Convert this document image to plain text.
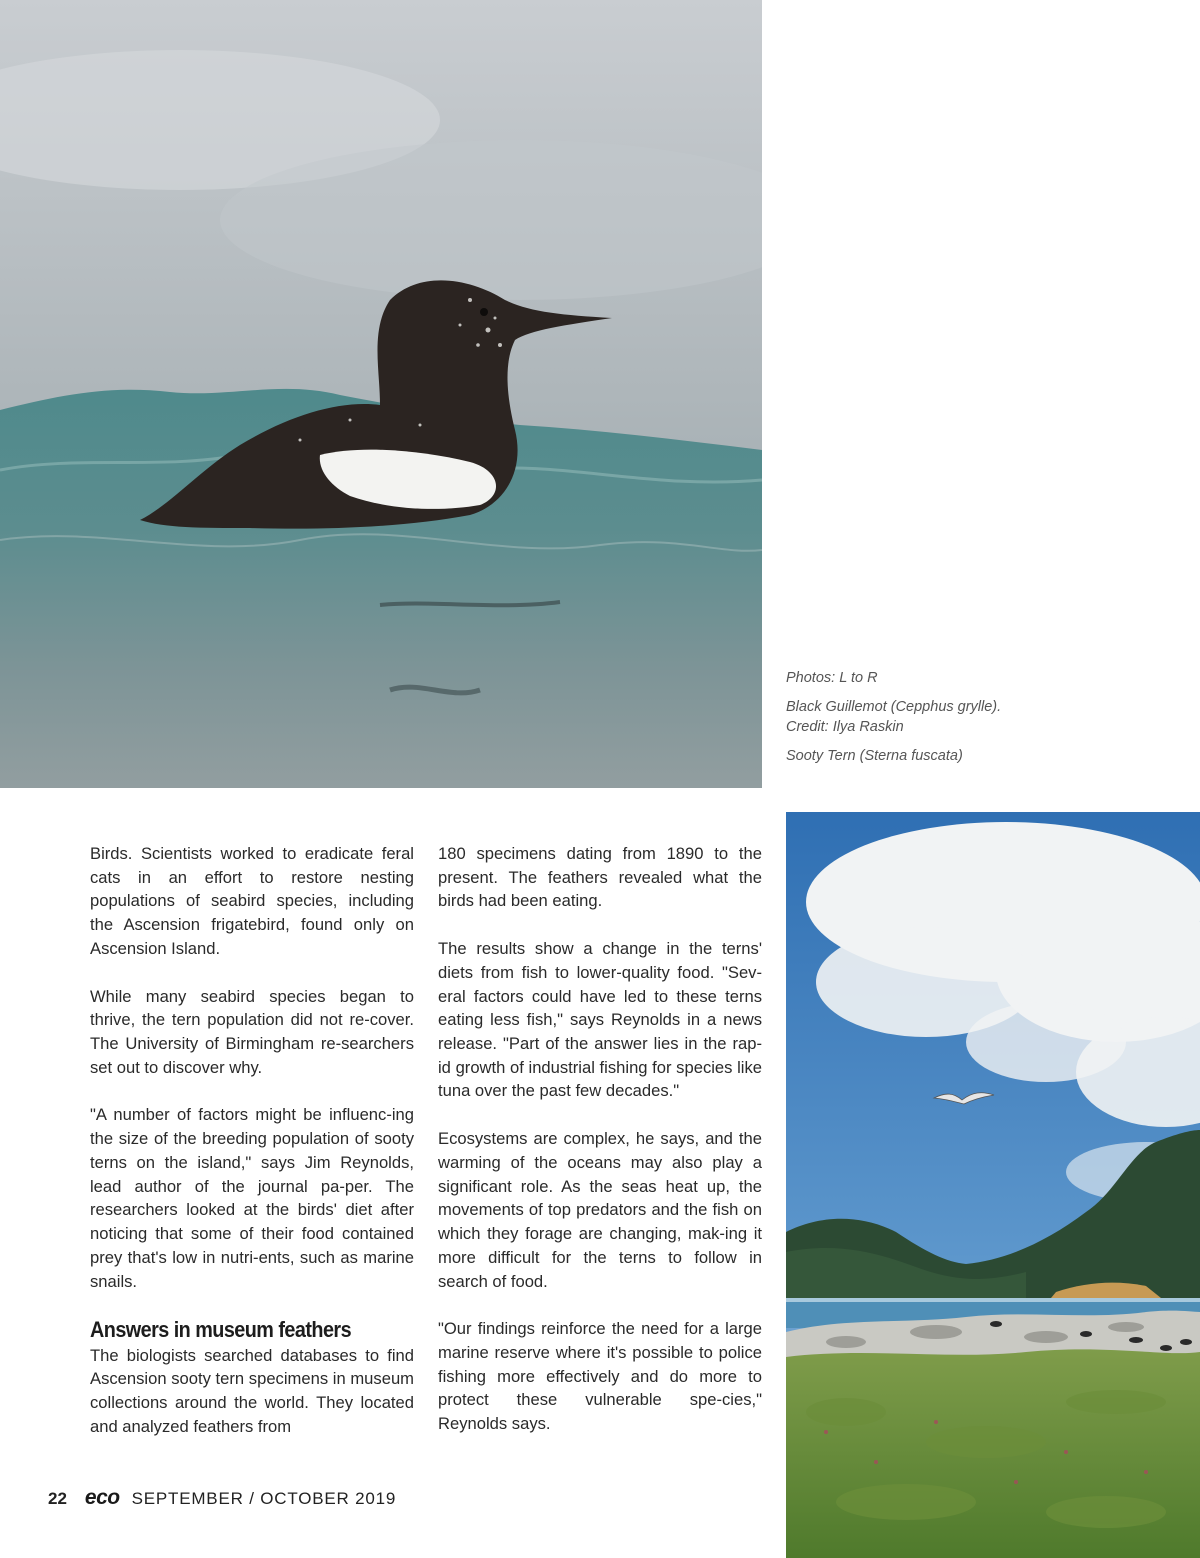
Photos: L to R

Black Guillemot (Cepphus grylle). Credit: Ilya Raskin

Sooty Tern (Sterna fuscata)

Birds. Scientists worked to eradicate feral cats in an effort to restore nesting populations of seabird species, including the Ascension frigatebird, found only on Ascension Island.

While many seabird species began to thrive, the tern population did not re-cover. The University of Birmingham re-searchers set out to discover why.

"A number of factors might be influenc-ing the size of the breeding population of sooty terns on the island," says Jim Reynolds, lead author of the journal pa-per. The researchers looked at the birds' diet after noticing that some of their food contained prey that's low in nutri-ents, such as marine snails.

Answers in museum feathers

The biologists searched databases to find Ascension sooty tern specimens in museum collections around the world. They located and analyzed feathers from

180 specimens dating from 1890 to the present. The feathers revealed what the birds had been eating.

The results show a change in the terns' diets from fish to lower-quality food. "Sev-eral factors could have led to these terns eating less fish," says Reynolds in a news release. "Part of the answer lies in the rap-id growth of industrial fishing for species like tuna over the past few decades."

Ecosystems are complex, he says, and the warming of the oceans may also play a significant role. As the seas heat up, the movements of top predators and the fish on which they forage are changing, mak-ing it more difficult for the terns to follow in search of food.

"Our findings reinforce the need for a large marine reserve where it's possible to police fishing more effectively and do more to protect these vulnerable spe-cies," Reynolds says.

22 eco SEPTEMBER / OCTOBER 2019
